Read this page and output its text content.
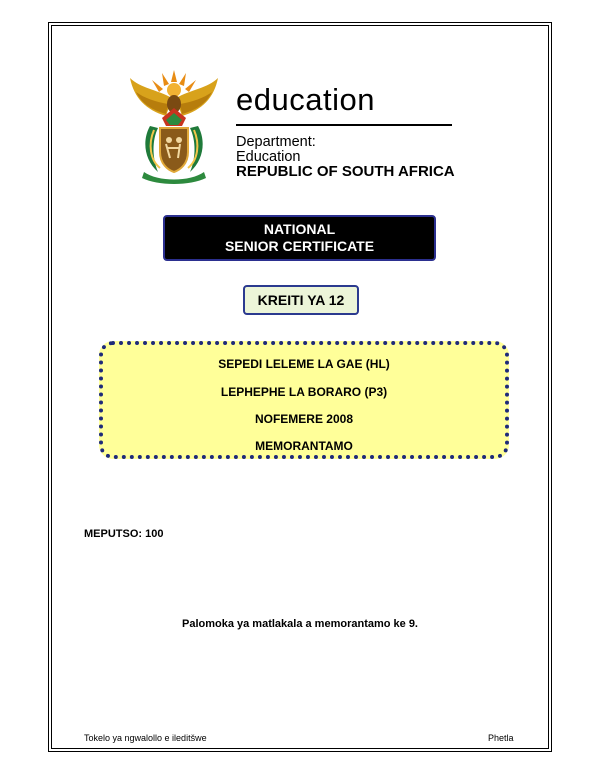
education
Department:
Education
REPUBLIC OF SOUTH AFRICA
NATIONAL
SENIOR CERTIFICATE
KREITI YA 12
SEPEDI LELEME LA GAE (HL)
LEPHEPHE LA BORARO (P3)
NOFEMERE 2008
MEMORANTAMO
MEPUTSO: 100
Palomoka ya matlakala a memorantamo ke 9.
Tokelo ya ngwalollo e ileditšwe	Phetla
